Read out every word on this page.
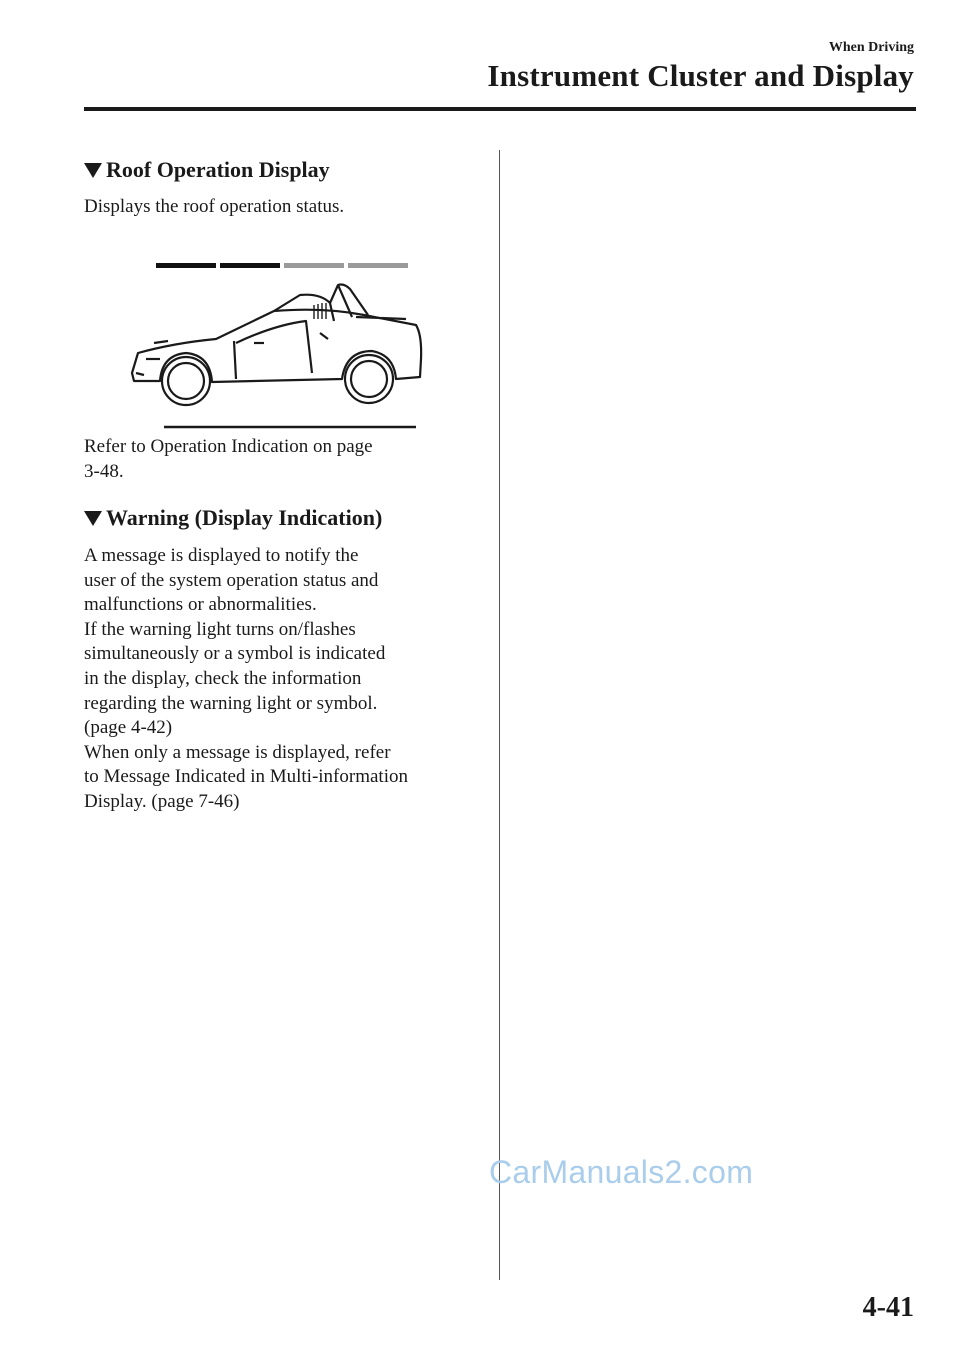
When Driving

Instrument Cluster and Display
Roof Operation Display

Displays the roof operation status.

Refer to Operation Indication on page

3-48.

Warning (Display Indication)

A message is displayed to notify the

user of the system operation status and

malfunctions or abnormalities.

If the warning light turns on/flashes

simultaneously or a symbol is indicated

in the display, check the information

regarding the warning light or symbol.

(page 4-42)

When only a message is displayed, refer

to Message Indicated in Multi-information

Display. (page 7-46)

CarManuals2.com

4-41
